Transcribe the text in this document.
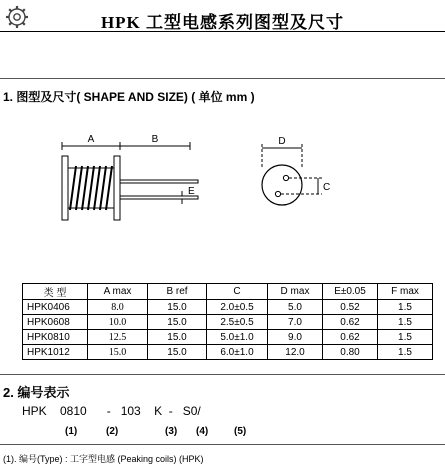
HPK 工型电感系列图型及尺寸
1. 图型及尺寸( SHAPE AND SIZE) ( 单位 mm )
A	B
E
D
C
类 型	A max	B ref	C	D max	E±0.05	F max
HPK0406	8.0	15.0	2.0±0.5	5.0	0.52	1.5
HPK0608	10.0	15.0	2.5±0.5	7.0	0.62	1.5
HPK0810	12.5	15.0	5.0±1.0	9.0	0.62	1.5
HPK1012	15.0	15.0	6.0±1.0	12.0	0.80	1.5
2. 编号表示
HPK    0810      -   103    K  -   S0/
(1)	(2)	(3) (4)	(5)
(1). 编号(Type) : 工字型电感 (Peaking coils) (HPK)
